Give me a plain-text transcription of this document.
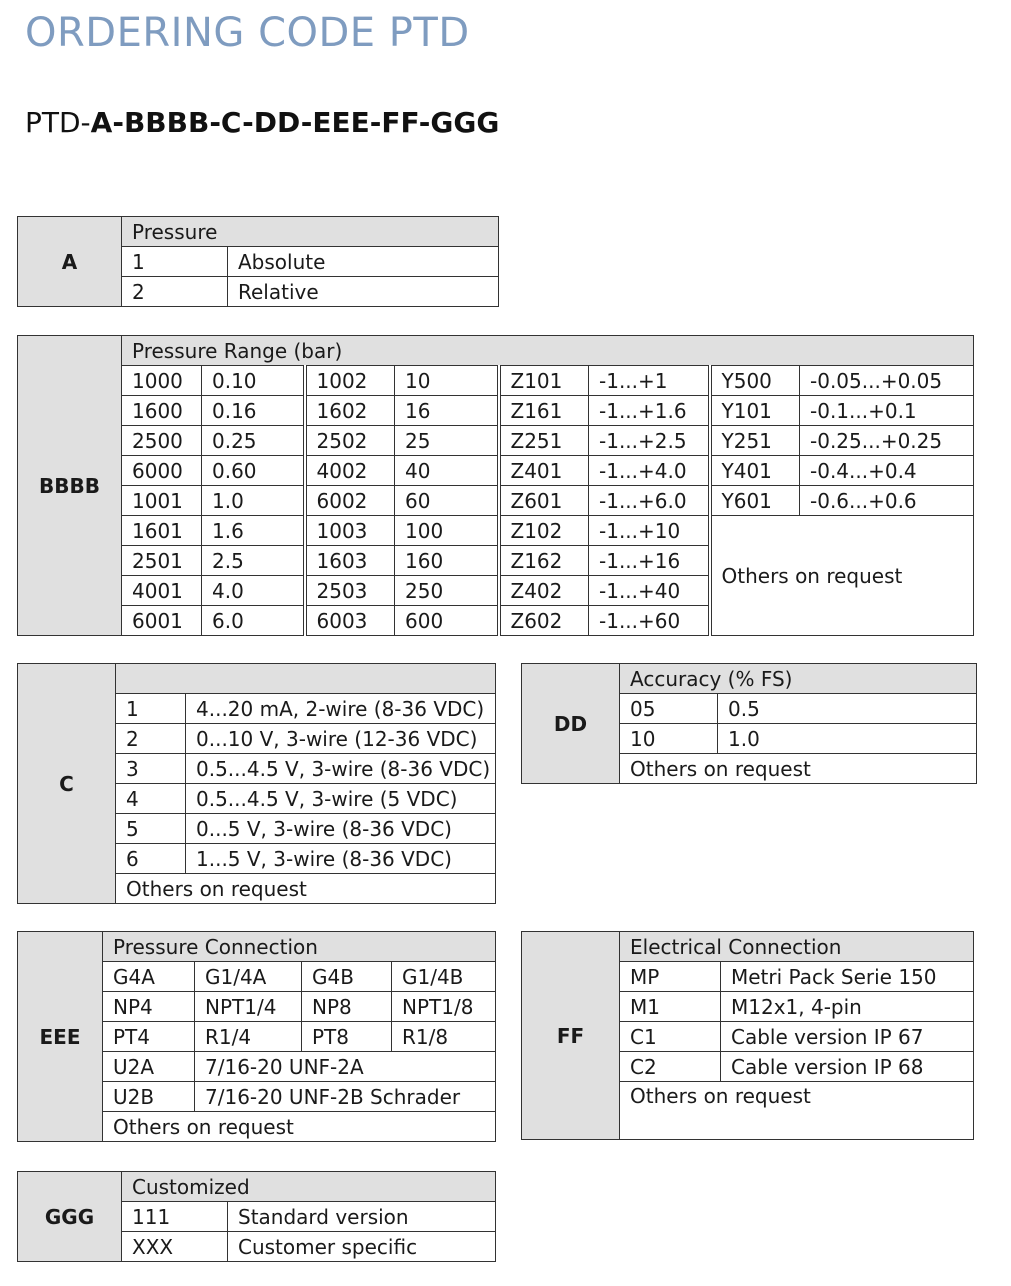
ORDERING CODE PTD
PTD-A-BBBB-C-DD-EEE-FF-GGG
A	Pressure	
	1	Absolute
	2	Relative
BBBB	Pressure Range (bar)							
	1000	0.10	1002	10	Z101	-1...+1	Y500	-0.05...+0.05
	1600	0.16	1602	16	Z161	-1...+1.6	Y101	-0.1...+0.1
	2500	0.25	2502	25	Z251	-1...+2.5	Y251	-0.25...+0.25
	6000	0.60	4002	40	Z401	-1...+4.0	Y401	-0.4...+0.4
	1001	1.0	6002	60	Z601	-1...+6.0	Y601	-0.6...+0.6
	1601	1.6	1003	100	Z102	-1...+10	Others on request	
	2501	2.5	1603	160	Z162	-1...+16		
	4001	4.0	2503	250	Z402	-1...+40		
	6001	6.0	6003	600	Z602	-1...+60		
C		
	1	4...20 mA, 2-wire (8-36 VDC)
	2	0...10 V, 3-wire (12-36 VDC)
	3	0.5...4.5 V, 3-wire (8-36 VDC)
	4	0.5...4.5 V, 3-wire (5 VDC)
	5	0...5 V, 3-wire (8-36 VDC)
	6	1...5 V, 3-wire (8-36 VDC)
	Others on request	
DD	Accuracy (% FS)	
	05	0.5
	10	1.0
	Others on request	
EEE	Pressure Connection			
	G4A	G1/4A	G4B	G1/4B
	NP4	NPT1/4	NP8	NPT1/8
	PT4	R1/4	PT8	R1/8
	U2A	7/16-20 UNF-2A		
	U2B	7/16-20 UNF-2B Schrader		
	Others on request			
FF	Electrical Connection	
	MP	Metri Pack Serie 150
	M1	M12x1, 4-pin
	C1	Cable version IP 67
	C2	Cable version IP 68
	Others on request	
GGG	Customized	
	111	Standard version
	XXX	Customer specific
